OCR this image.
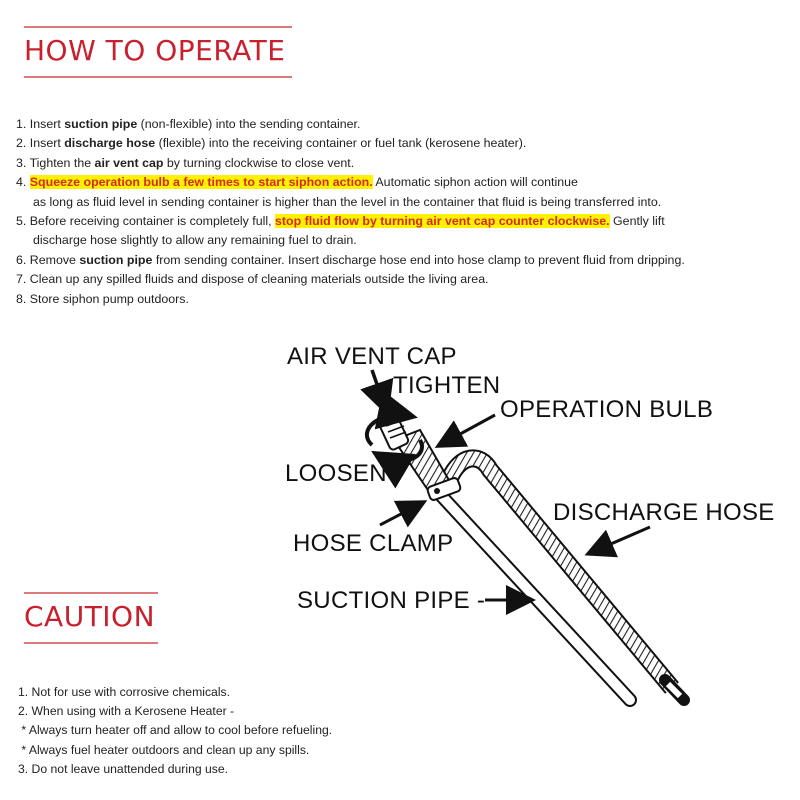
HOW TO OPERATE
1. Insert suction pipe (non-flexible) into the sending container.
2. Insert discharge hose (flexible) into the receiving container or fuel tank (kerosene heater).
3. Tighten the air vent cap by turning clockwise to close vent.
4. Squeeze operation bulb a few times to start siphon action. Automatic siphon action will continue
as long as fluid level in sending container is higher than the level in the container that fluid is being transferred into.
5. Before receiving container is completely full, stop fluid flow by turning air vent cap counter clockwise. Gently lift
discharge hose slightly to allow any remaining fuel to drain.
6. Remove suction pipe from sending container. Insert discharge hose end into hose clamp to prevent fluid from dripping.
7. Clean up any spilled fluids and dispose of cleaning materials outside the living area.
8. Store siphon pump outdoors.
AIR VENT CAP
TIGHTEN
OPERATION BULB
LOOSEN
DISCHARGE HOSE
HOSE CLAMP
SUCTION PIPE -
CAUTION
1. Not for use with corrosive chemicals.
2. When using with a Kerosene Heater -
* Always turn heater off and allow to cool before refueling.
* Always fuel heater outdoors and clean up any spills.
3. Do not leave unattended during use.
